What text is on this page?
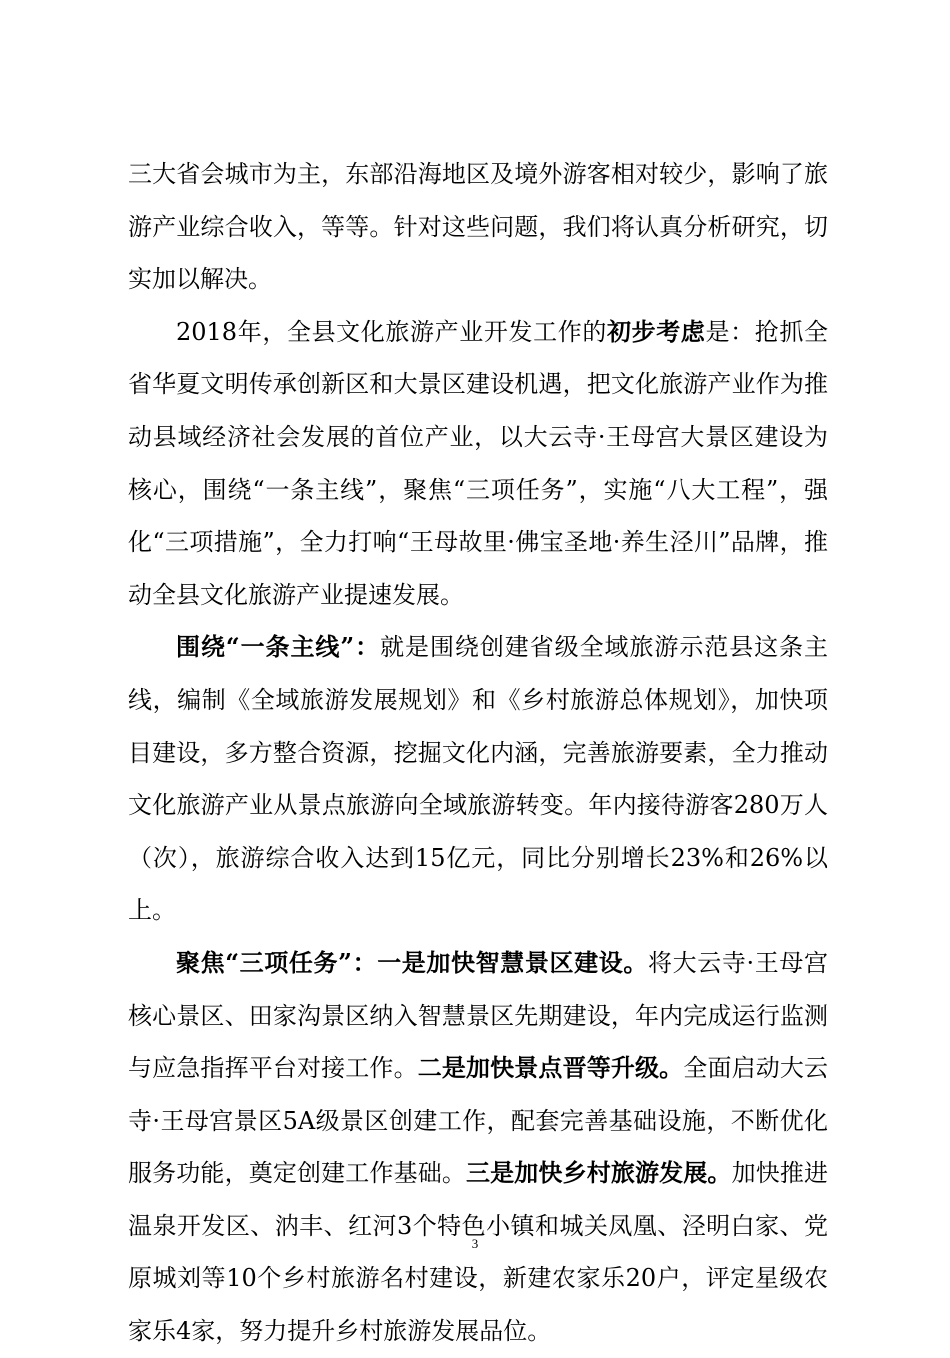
三大省会城市为主，东部沿海地区及境外游客相对较少，影响了旅游产业综合收入，等等。针对这些问题，我们将认真分析研究，切实加以解决。

2018年，全县文化旅游产业开发工作的初步考虑是：抢抓全省华夏文明传承创新区和大景区建设机遇，把文化旅游产业作为推动县域经济社会发展的首位产业，以大云寺·王母宫大景区建设为核心，围绕“一条主线”，聚焦“三项任务”，实施“八大工程”，强化“三项措施”，全力打响“王母故里·佛宝圣地·养生泾川”品牌，推动全县文化旅游产业提速发展。

围绕“一条主线”：就是围绕创建省级全域旅游示范县这条主线，编制《全域旅游发展规划》和《乡村旅游总体规划》，加快项目建设，多方整合资源，挖掘文化内涵，完善旅游要素，全力推动文化旅游产业从景点旅游向全域旅游转变。年内接待游客280万人（次），旅游综合收入达到15亿元，同比分别增长23%和26%以上。

聚焦“三项任务”：一是加快智慧景区建设。将大云寺·王母宫核心景区、田家沟景区纳入智慧景区先期建设，年内完成运行监测与应急指挥平台对接工作。二是加快景点晋等升级。全面启动大云寺·王母宫景区5A级景区创建工作，配套完善基础设施，不断优化服务功能，奠定创建工作基础。三是加快乡村旅游发展。加快推进温泉开发区、汭丰、红河3个特色小镇和城关凤凰、泾明白家、党原城刘等10个乡村旅游名村建设，新建农家乐20户，评定星级农家乐4家，努力提升乡村旅游发展品位。

3
